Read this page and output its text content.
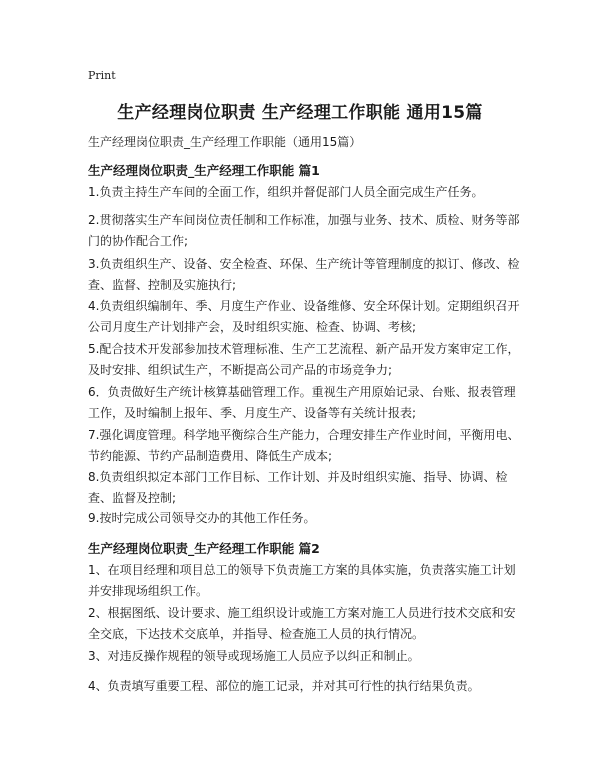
Print
生产经理岗位职责 生产经理工作职能 通用15篇
生产经理岗位职责_生产经理工作职能（通用15篇）
生产经理岗位职责_生产经理工作职能 篇1

1.负责主持生产车间的全面工作，组织并督促部门人员全面完成生产任务。

2.贯彻落实生产车间岗位责任制和工作标准，加强与业务、技术、质检、财务等部门的协作配合工作;

3.负责组织生产、设备、安全检查、环保、生产统计等管理制度的拟订、修改、检查、监督、控制及实施执行;

4.负责组织编制年、季、月度生产作业、设备维修、安全环保计划。定期组织召开公司月度生产计划排产会，及时组织实施、检查、协调、考核;

5.配合技术开发部参加技术管理标准、生产工艺流程、新产品开发方案审定工作，及时安排、组织试生产，不断提高公司产品的市场竞争力;

6．负责做好生产统计核算基础管理工作。重视生产用原始记录、台账、报表管理工作，及时编制上报年、季、月度生产、设备等有关统计报表;

7.强化调度管理。科学地平衡综合生产能力，合理安排生产作业时间，平衡用电、节约能源、节约产品制造费用、降低生产成本;

8.负责组织拟定本部门工作目标、工作计划、并及时组织实施、指导、协调、检查、监督及控制;

9.按时完成公司领导交办的其他工作任务。

生产经理岗位职责_生产经理工作职能 篇2

1、在项目经理和项目总工的领导下负责施工方案的具体实施，负责落实施工计划并安排现场组织工作。

2、根据图纸、设计要求、施工组织设计或施工方案对施工人员进行技术交底和安全交底，下达技术交底单，并指导、检查施工人员的执行情况。

3、对违反操作规程的领导或现场施工人员应予以纠正和制止。

4、负责填写重要工程、部位的施工记录，并对其可行性的执行结果负责。
